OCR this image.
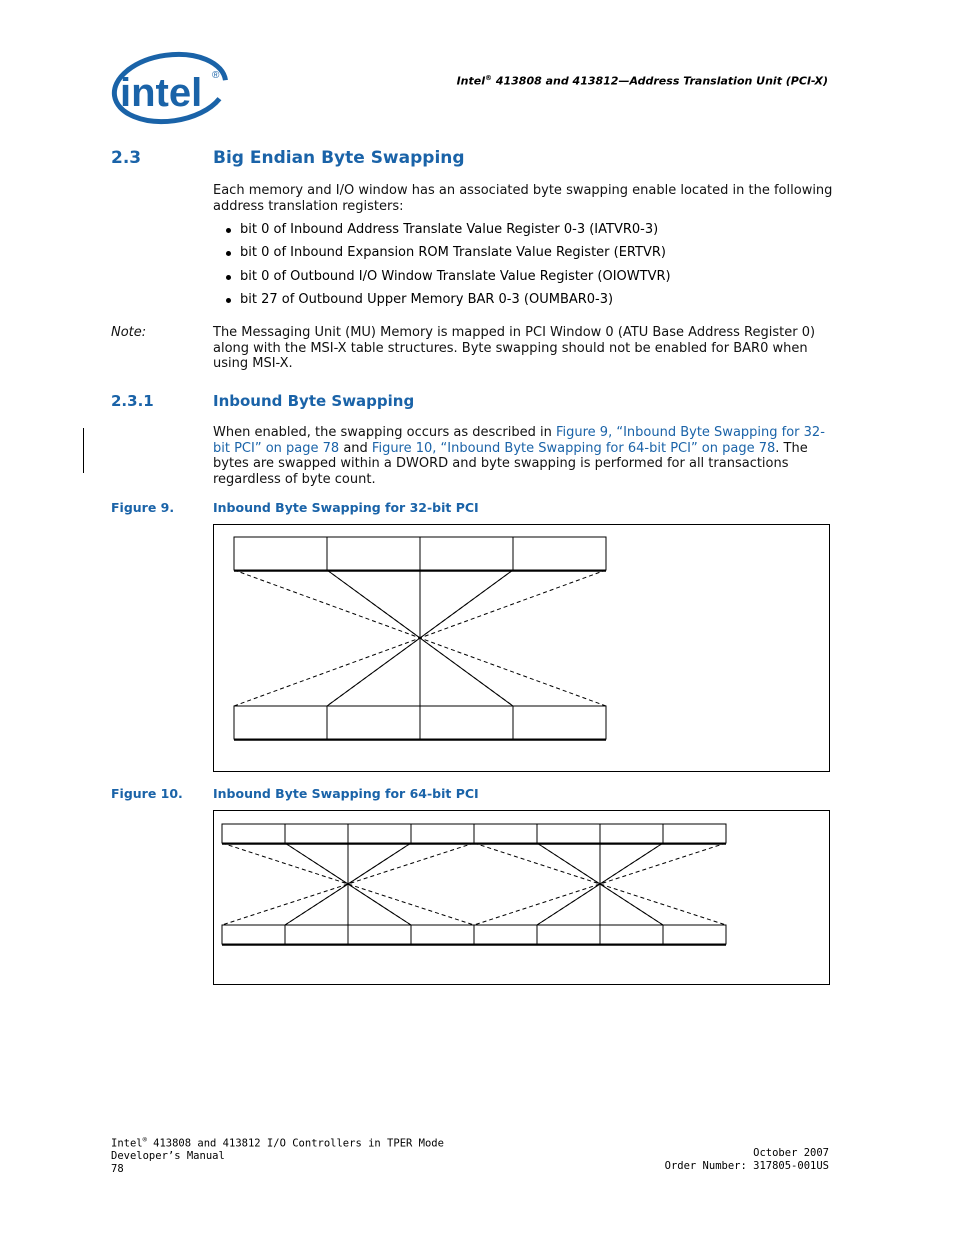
intel ®	Intel® 413808 and 413812—Address Translation Unit (PCI-X)
2.3	Big Endian Byte Swapping
Each memory and I/O window has an associated byte swapping enable located in the following address translation registers:
bit 0 of Inbound Address Translate Value Register 0-3 (IATVR0-3)
bit 0 of Inbound Expansion ROM Translate Value Register (ERTVR)
bit 0 of Outbound I/O Window Translate Value Register (OIOWTVR)
bit 27 of Outbound Upper Memory BAR 0-3 (OUMBAR0-3)
Note:	The Messaging Unit (MU) Memory is mapped in PCI Window 0 (ATU Base Address Register 0) along with the MSI-X table structures. Byte swapping should not be enabled for BAR0 when using MSI-X.
2.3.1	Inbound Byte Swapping
When enabled, the swapping occurs as described in Figure 9, “Inbound Byte Swapping for 32-bit PCI” on page 78 and Figure 10, “Inbound Byte Swapping for 64-bit PCI” on page 78. The bytes are swapped within a DWORD and byte swapping is performed for all transactions regardless of byte count.
Figure 9.	Inbound Byte Swapping for 32-bit PCI
Figure 10. Inbound Byte Swapping for 64-bit PCI
Intel® 413808 and 413812 I/O Controllers in TPER Mode
Developer’s Manual
78
October 2007
Order Number: 317805-001US
